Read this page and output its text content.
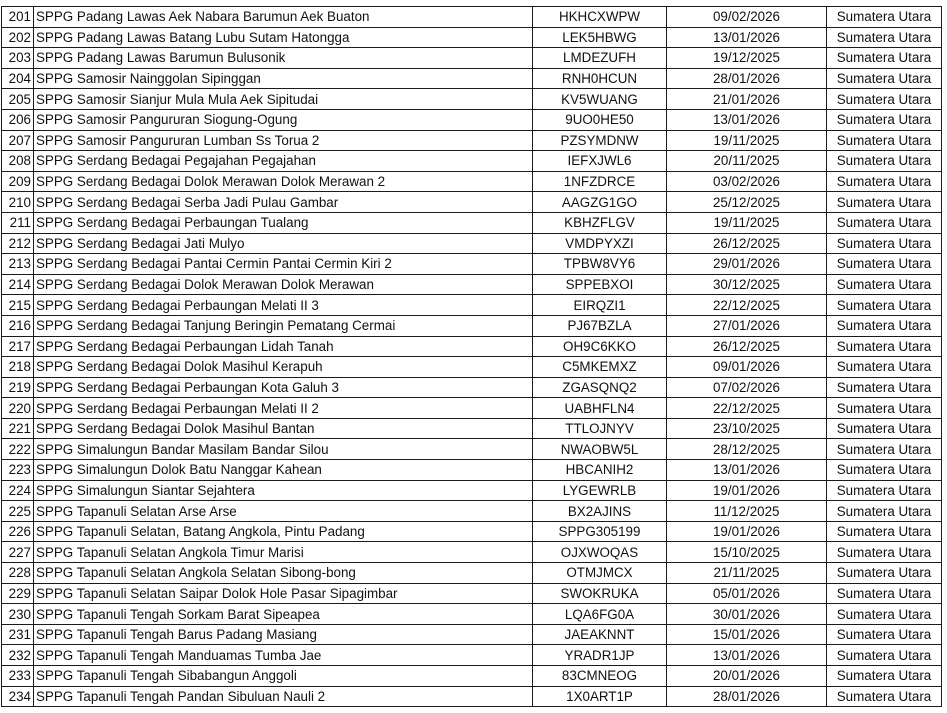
201	SPPG Padang Lawas Aek Nabara Barumun Aek Buaton	HKHCXWPW	09/02/2026	Sumatera Utara
202	SPPG Padang Lawas Batang Lubu Sutam Hatongga	LEK5HBWG	13/01/2026	Sumatera Utara
203	SPPG Padang Lawas Barumun Bulusonik	LMDEZUFH	19/12/2025	Sumatera Utara
204	SPPG Samosir Nainggolan Sipinggan	RNH0HCUN	28/01/2026	Sumatera Utara
205	SPPG Samosir Sianjur Mula Mula Aek Sipitudai	KV5WUANG	21/01/2026	Sumatera Utara
206	SPPG Samosir Pangururan Siogung-Ogung	9UO0HE50	13/01/2026	Sumatera Utara
207	SPPG Samosir Pangururan Lumban Ss Torua 2	PZSYMDNW	19/11/2025	Sumatera Utara
208	SPPG Serdang Bedagai Pegajahan Pegajahan	IEFXJWL6	20/11/2025	Sumatera Utara
209	SPPG Serdang Bedagai Dolok Merawan Dolok Merawan 2	1NFZDRCE	03/02/2026	Sumatera Utara
210	SPPG Serdang Bedagai Serba Jadi Pulau Gambar	AAGZG1GO	25/12/2025	Sumatera Utara
211	SPPG Serdang Bedagai Perbaungan Tualang	KBHZFLGV	19/11/2025	Sumatera Utara
212	SPPG Serdang Bedagai Jati Mulyo	VMDPYXZI	26/12/2025	Sumatera Utara
213	SPPG Serdang Bedagai Pantai Cermin Pantai Cermin Kiri 2	TPBW8VY6	29/01/2026	Sumatera Utara
214	SPPG Serdang Bedagai Dolok Merawan Dolok Merawan	SPPEBXOI	30/12/2025	Sumatera Utara
215	SPPG Serdang Bedagai Perbaungan Melati II 3	EIRQZI1	22/12/2025	Sumatera Utara
216	SPPG Serdang Bedagai Tanjung Beringin Pematang Cermai	PJ67BZLA	27/01/2026	Sumatera Utara
217	SPPG Serdang Bedagai Perbaungan Lidah Tanah	OH9C6KKO	26/12/2025	Sumatera Utara
218	SPPG Serdang Bedagai Dolok Masihul Kerapuh	C5MKEMXZ	09/01/2026	Sumatera Utara
219	SPPG Serdang Bedagai Perbaungan Kota Galuh 3	ZGASQNQ2	07/02/2026	Sumatera Utara
220	SPPG Serdang Bedagai Perbaungan Melati II 2	UABHFLN4	22/12/2025	Sumatera Utara
221	SPPG Serdang Bedagai Dolok Masihul Bantan	TTLOJNYV	23/10/2025	Sumatera Utara
222	SPPG Simalungun Bandar Masilam Bandar Silou	NWAOBW5L	28/12/2025	Sumatera Utara
223	SPPG Simalungun Dolok Batu Nanggar Kahean	HBCANIH2	13/01/2026	Sumatera Utara
224	SPPG Simalungun Siantar Sejahtera	LYGEWRLB	19/01/2026	Sumatera Utara
225	SPPG Tapanuli Selatan Arse Arse	BX2AJINS	11/12/2025	Sumatera Utara
226	SPPG Tapanuli Selatan, Batang Angkola, Pintu Padang	SPPG305199	19/01/2026	Sumatera Utara
227	SPPG Tapanuli Selatan Angkola Timur Marisi	OJXWOQAS	15/10/2025	Sumatera Utara
228	SPPG Tapanuli Selatan Angkola Selatan Sibong-bong	OTMJMCX	21/11/2025	Sumatera Utara
229	SPPG Tapanuli Selatan Saipar Dolok Hole Pasar Sipagimbar	SWOKRUKA	05/01/2026	Sumatera Utara
230	SPPG Tapanuli Tengah Sorkam Barat Sipeapea	LQA6FG0A	30/01/2026	Sumatera Utara
231	SPPG Tapanuli Tengah Barus Padang Masiang	JAEAKNNT	15/01/2026	Sumatera Utara
232	SPPG Tapanuli Tengah Manduamas Tumba Jae	YRADR1JP	13/01/2026	Sumatera Utara
233	SPPG Tapanuli Tengah Sibabangun Anggoli	83CMNEOG	20/01/2026	Sumatera Utara
234	SPPG Tapanuli Tengah Pandan Sibuluan Nauli 2	1X0ART1P	28/01/2026	Sumatera Utara
